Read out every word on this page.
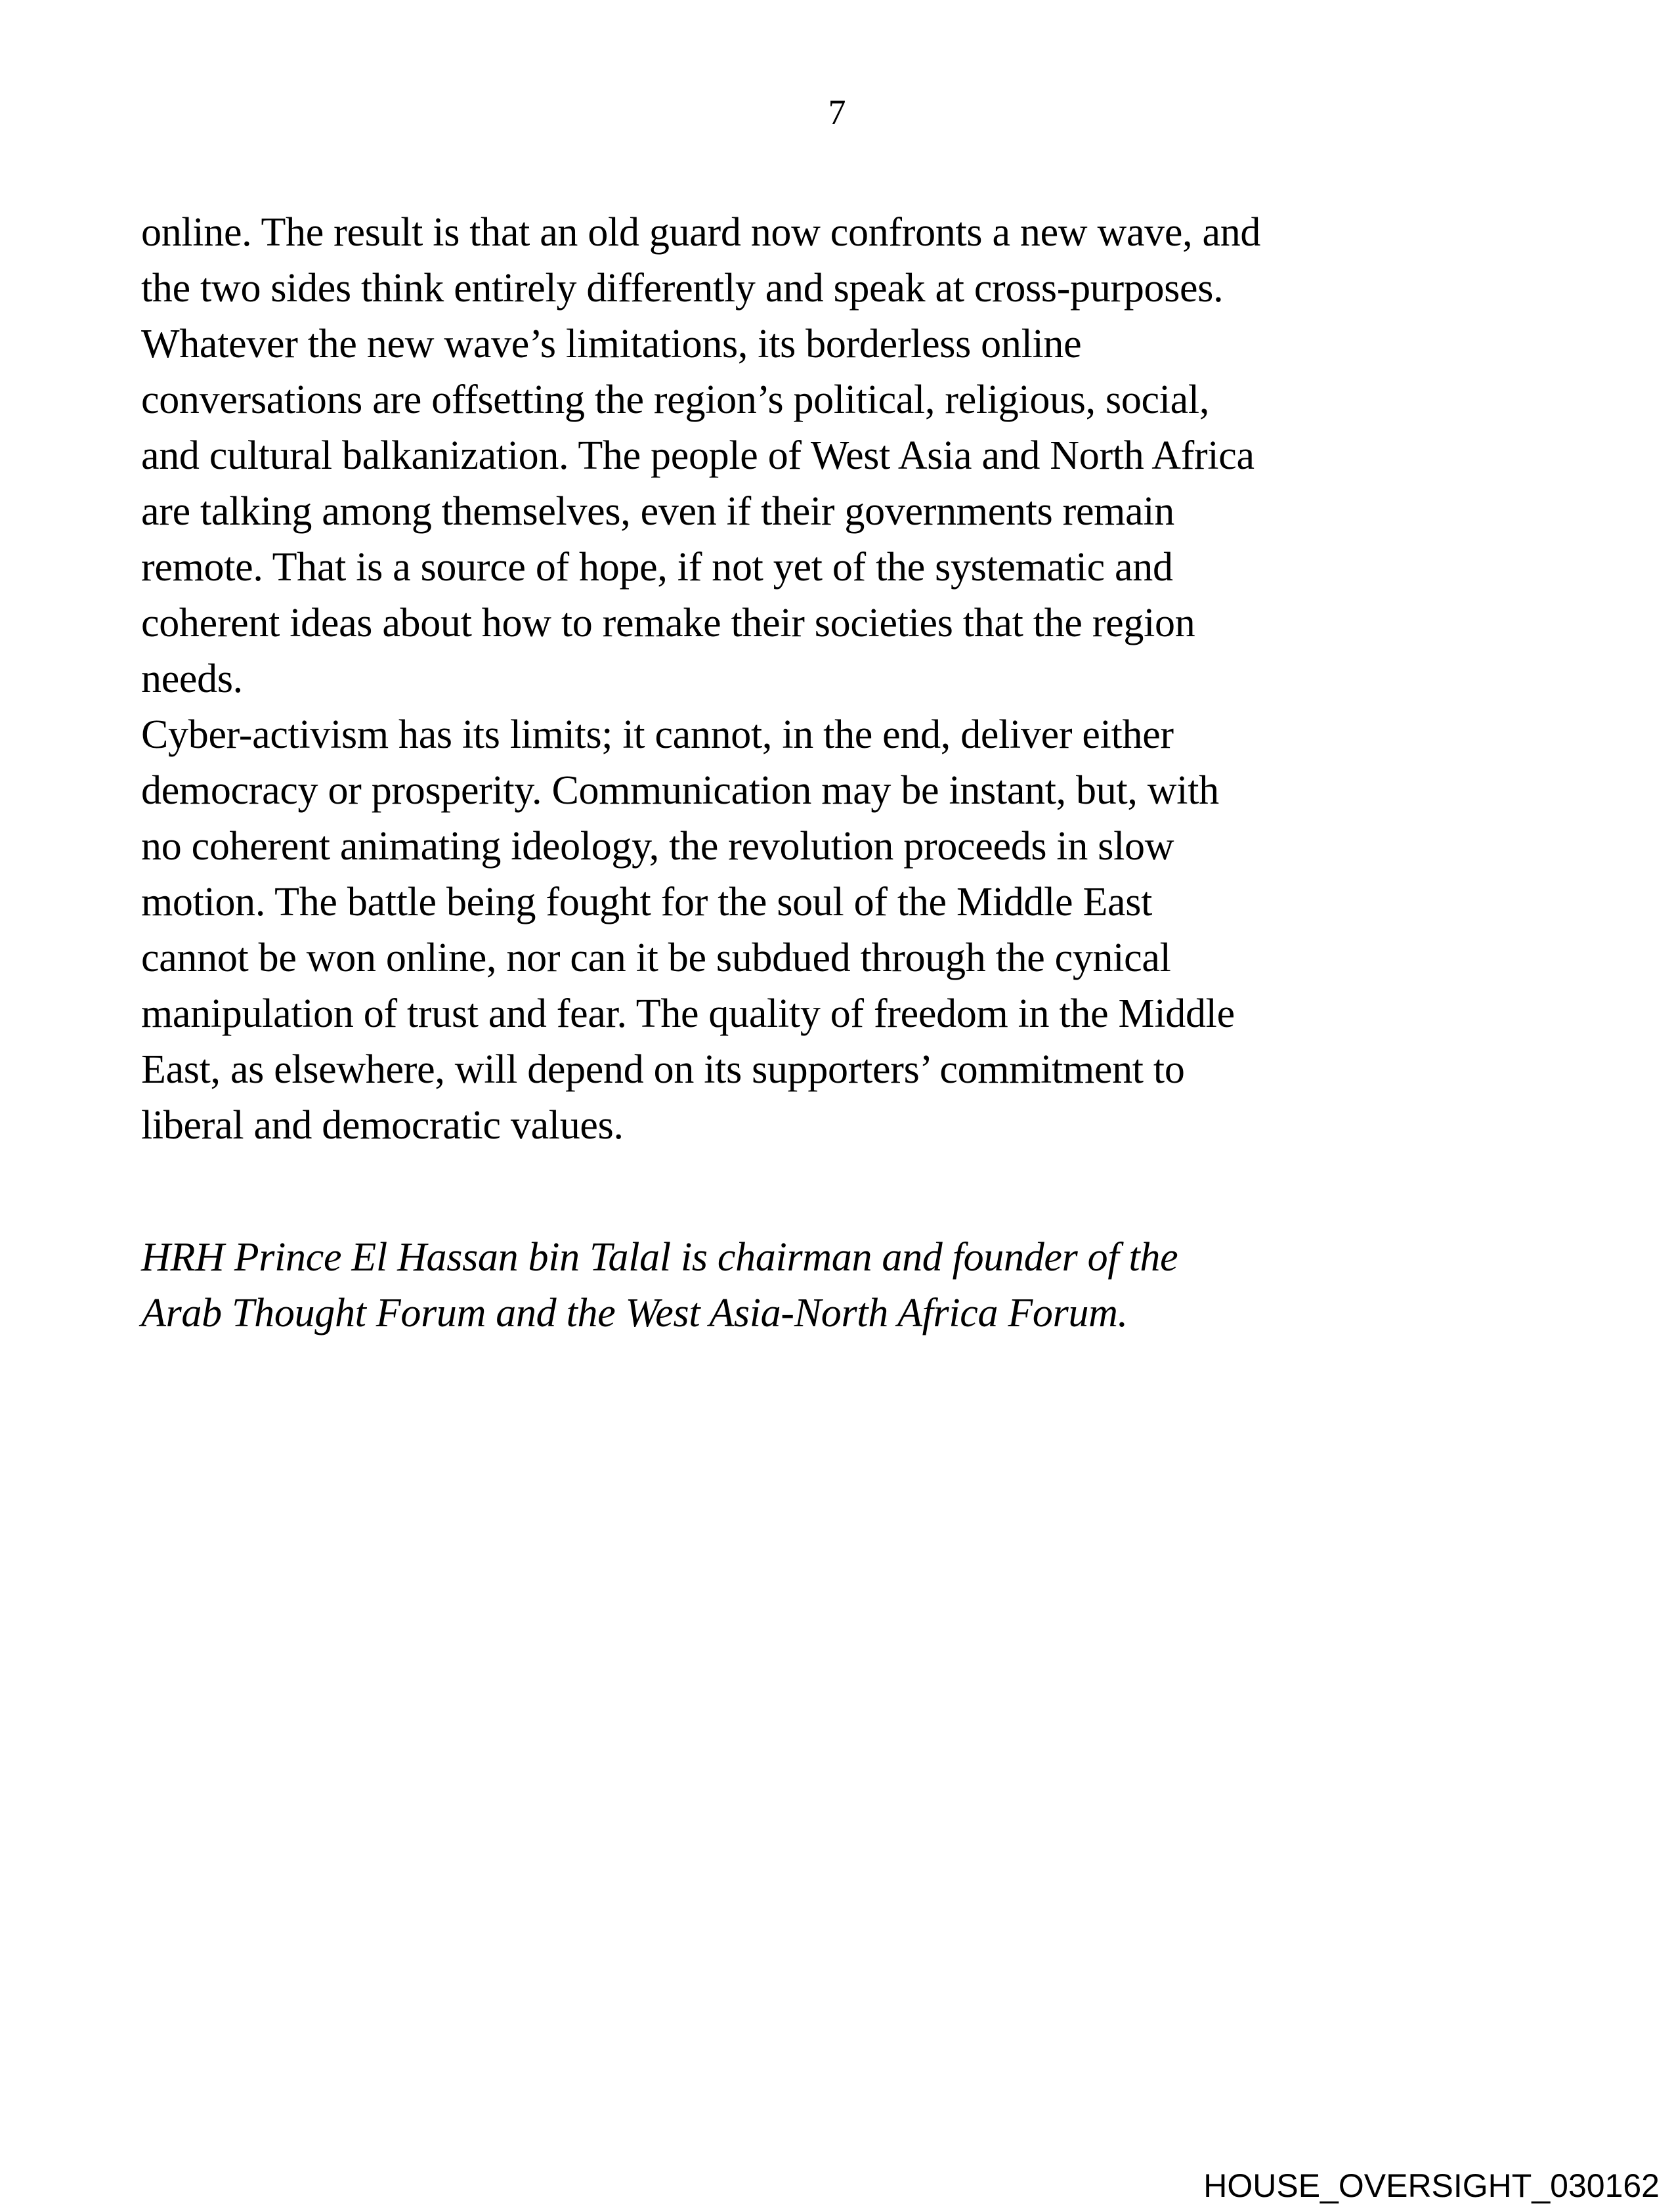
7
online. The result is that an old guard now confronts a new wave, and
the two sides think entirely differently and speak at cross-purposes.
Whatever the new wave’s limitations, its borderless online
conversations are offsetting the region’s political, religious, social,
and cultural balkanization. The people of West Asia and North Africa
are talking among themselves, even if their governments remain
remote. That is a source of hope, if not yet of the systematic and
coherent ideas about how to remake their societies that the region
needs.
Cyber-activism has its limits; it cannot, in the end, deliver either
democracy or prosperity. Communication may be instant, but, with
no coherent animating ideology, the revolution proceeds in slow
motion. The battle being fought for the soul of the Middle East
cannot be won online, nor can it be subdued through the cynical
manipulation of trust and fear. The quality of freedom in the Middle
East, as elsewhere, will depend on its supporters’ commitment to
liberal and democratic values.
HRH Prince El Hassan bin Talal is chairman and founder of the
Arab Thought Forum and the West Asia-North Africa Forum.
HOUSE_OVERSIGHT_030162
